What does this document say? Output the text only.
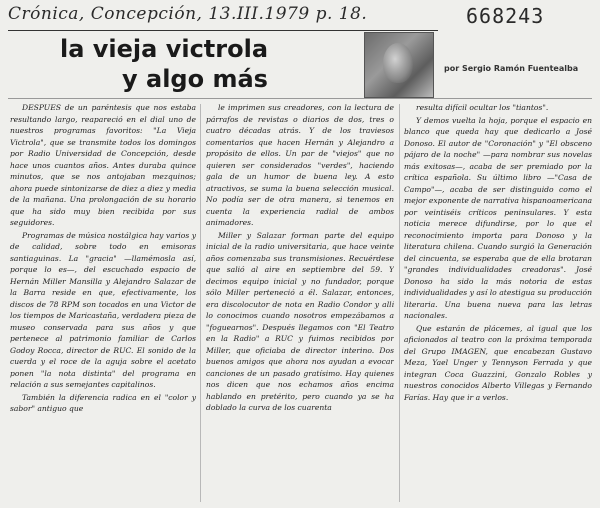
Crónica, Concepción, 13.III.1979 p. 18.	668243
la vieja victrola
y algo más	por Sergio Ramón Fuentealba

DESPUES de un paréntesis que nos estaba resultando largo, reapareció en el dial uno de nuestros programas favoritos: "La Vieja Victrola", que se transmite todos los domingos por Radio Universidad de Concepción, desde hace unos cuantos años. Antes duraba quince minutos, que se nos antojaban mezquinos; ahora puede sintonizarse de diez a diez y media de la mañana. Una prolongación de su horario que ha sido muy bien recibida por sus seguidores.

Programas de música nostálgica hay varios y de calidad, sobre todo en emisoras santiaguinas. La "gracia" —llamémosla así, porque lo es—, del escuchado espacio de Hernán Miller Mansilla y Alejandro Salazar de la Barra reside en que, efectivamente, los discos de 78 RPM son tocados en una Victor de los tiempos de Maricastaña, verdadera pieza de museo conservada para sus años y que pertenece al patrimonio familiar de Carlos Godoy Rocca, director de RUC. El sonido de la cuerda y el roce de la aguja sobre el acetato ponen "la nota distinta" del programa en relación a sus semejantes capitalinos.

También la diferencia radica en el "color y sabor" antiguo que

le imprimen sus creadores, con la lectura de párrafos de revistas o diarios de dos, tres o cuatro décadas atrás. Y de los traviesos comentarios que hacen Hernán y Alejandro a propósito de ellos. Un par de "viejos" que no quieren ser considerados "verdes", haciendo gala de un humor de buena ley. A esto atractivos, se suma la buena selección musical. No podía ser de otra manera, si tenemos en cuenta la experiencia radial de ambos animadores.

Miller y Salazar forman parte del equipo inicial de la radio universitaria, que hace veinte años comenzaba sus transmisiones. Recuérdese que salió al aire en septiembre del 59. Y decimos equipo inicial y no fundador, porque sólo Miller perteneció a él. Salazar, entonces, era discolocutor de nota en Radio Condor y allí lo conocimos cuando nosotros empezábamos a "foguearnos". Después llegamos con "El Teatro en la Radio" a RUC y fuimos recibidos por Miller, que oficiaba de director interino. Dos buenos amigos que ahora nos ayudan a evocar canciones de un pasado gratísimo. Hay quienes nos dicen que nos echamos años encima hablando en pretérito, pero cuando ya se ha doblado la curva de los cuarenta

resulta difícil ocultar los "tiantos".

Y demos vuelta la hoja, porque el espacio en blanco que queda hay que dedicarlo a José Donoso. El autor de "Coronación" y "El obsceno pájaro de la noche" —para nombrar sus novelas más exitosas—, acaba de ser premiado por la crítica española. Su último libro —"Casa de Campo"—, acaba de ser distinguido como el mejor exponente de narrativa hispanoamericana por veintiséis críticos peninsulares. Y esta noticia merece difundirse, por lo que el reconocimiento importa para Donoso y la literatura chilena. Cuando surgió la Generación del cincuenta, se esperaba que de ella brotaran "grandes individualidades creadoras". José Donoso ha sido la más notoria de estas individualidades y así lo atestigua su producción literaria. Una buena nueva para las letras nacionales.

Que estarán de plácemes, al igual que los aficionados al teatro con la próxima temporada del Grupo IMAGEN, que encabezan Gustavo Meza, Yael Unger y Tennyson Ferrada y que integran Coca Guazzini, Gonzalo Robles y nuestros conocidos Alberto Villegas y Fernando Farías. Hay que ir a verlos.
